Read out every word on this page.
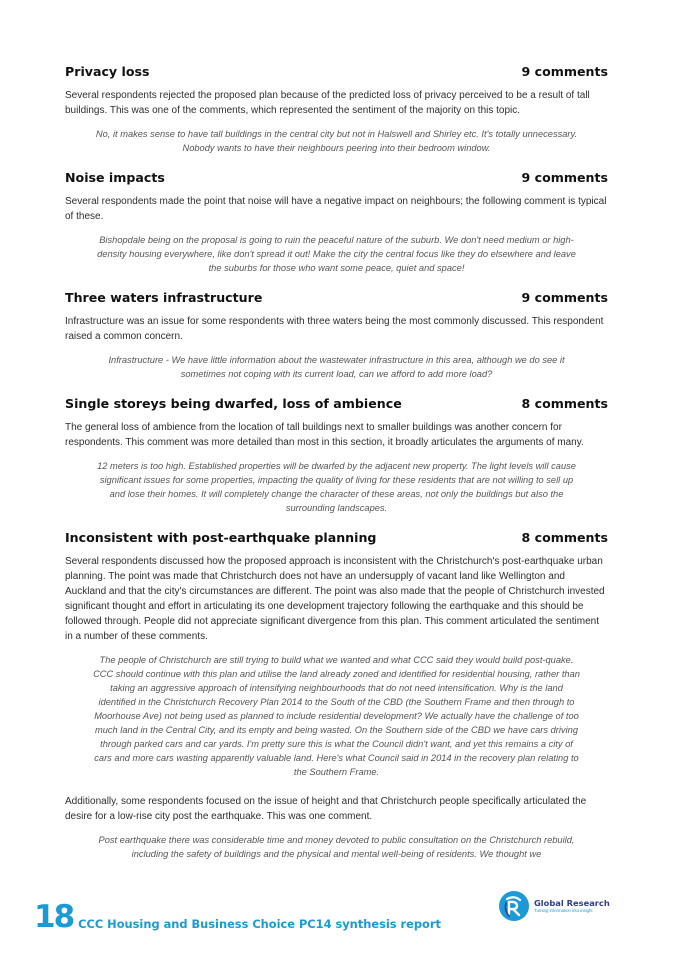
Privacy loss	9 comments

Several respondents rejected the proposed plan because of the predicted loss of privacy perceived to be a result of tall buildings. This was one of the comments, which represented the sentiment of the majority on this topic.

No, it makes sense to have tall buildings in the central city but not in Halswell and Shirley etc. It's totally unnecessary. Nobody wants to have their neighbours peering into their bedroom window.

Noise impacts	9 comments

Several respondents made the point that noise will have a negative impact on neighbours; the following comment is typical of these.

Bishopdale being on the proposal is going to ruin the peaceful nature of the suburb. We don't need medium or high-density housing everywhere, like don't spread it out! Make the city the central focus like they do elsewhere and leave the suburbs for those who want some peace, quiet and space!

Three waters infrastructure	9 comments

Infrastructure was an issue for some respondents with three waters being the most commonly discussed. This respondent raised a common concern.

Infrastructure - We have little information about the wastewater infrastructure in this area, although we do see it sometimes not coping with its current load, can we afford to add more load?

Single storeys being dwarfed, loss of ambience	8 comments

The general loss of ambience from the location of tall buildings next to smaller buildings was another concern for respondents. This comment was more detailed than most in this section, it broadly articulates the arguments of many.

12 meters is too high. Established properties will be dwarfed by the adjacent new property. The light levels will cause significant issues for some properties, impacting the quality of living for these residents that are not willing to sell up and lose their homes. It will completely change the character of these areas, not only the buildings but also the surrounding landscapes.

Inconsistent with post-earthquake planning	8 comments

Several respondents discussed how the proposed approach is inconsistent with the Christchurch's post-earthquake urban planning. The point was made that Christchurch does not have an undersupply of vacant land like Wellington and Auckland and that the city's circumstances are different. The point was also made that the people of Christchurch invested significant thought and effort in articulating its one development trajectory following the earthquake and this should be followed through. People did not appreciate significant divergence from this plan. This comment articulated the sentiment in a number of these comments.

The people of Christchurch are still trying to build what we wanted and what CCC said they would build post-quake. CCC should continue with this plan and utilise the land already zoned and identified for residential housing, rather than taking an aggressive approach of intensifying neighbourhoods that do not need intensification. Why is the land identified in the Christchurch Recovery Plan 2014 to the South of the CBD (the Southern Frame and then through to Moorhouse Ave) not being used as planned to include residential development? We actually have the challenge of too much land in the Central City, and its empty and being wasted. On the Southern side of the CBD we have cars driving through parked cars and car yards. I'm pretty sure this is what the Council didn't want, and yet this remains a city of cars and more cars wasting apparently valuable land. Here's what Council said in 2014 in the recovery plan relating to the Southern Frame.

Additionally, some respondents focused on the issue of height and that Christchurch people specifically articulated the desire for a low-rise city post the earthquake. This was one comment.

Post earthquake there was considerable time and money devoted to public consultation on the Christchurch rebuild, including the safety of buildings and the physical and mental well-being of residents. We thought we

18 CCC Housing and Business Choice PC14 synthesis report
Global Research
Turning information into insight
